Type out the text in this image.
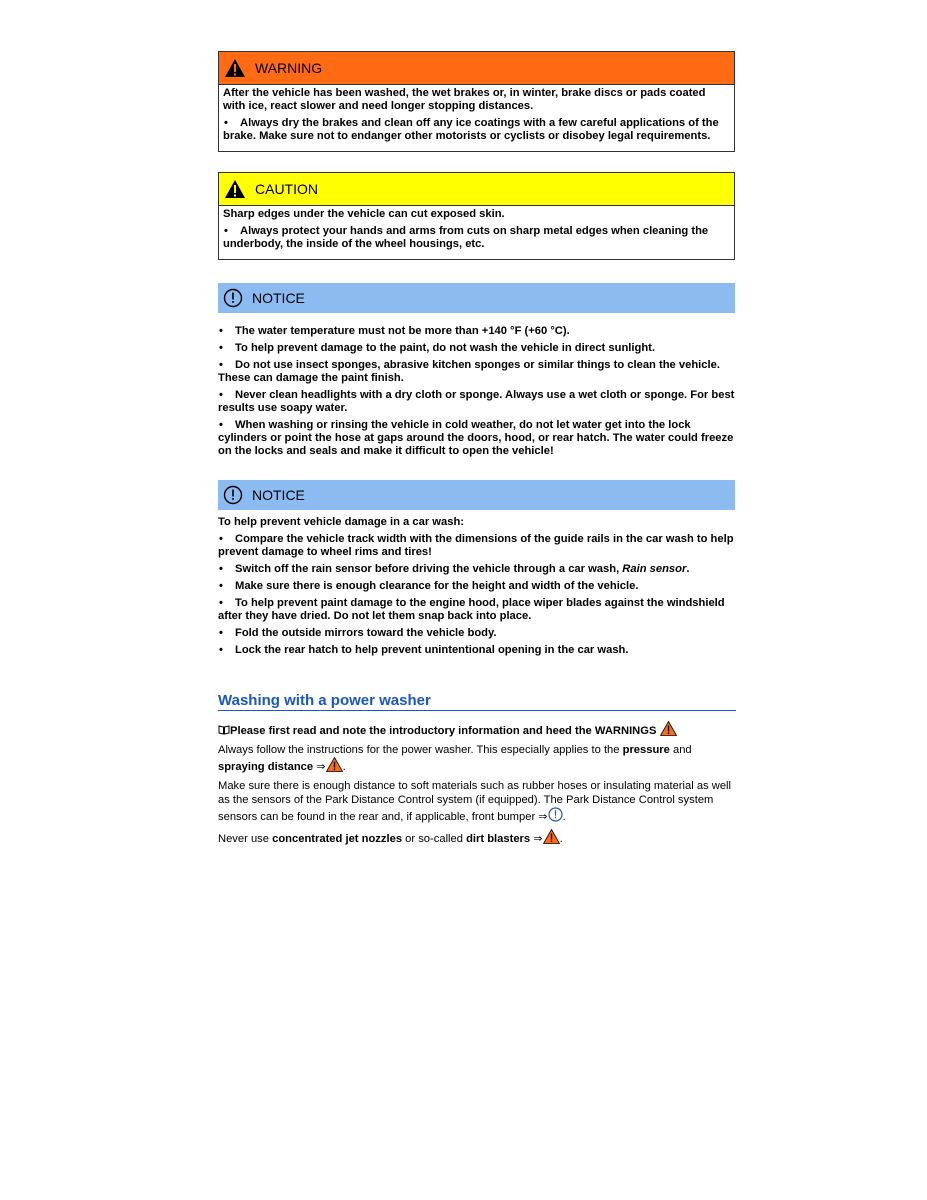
WARNING

After the vehicle has been washed, the wet brakes or, in winter, brake discs or pads coated with ice, react slower and need longer stopping distances.

• Always dry the brakes and clean off any ice coatings with a few careful applications of the brake. Make sure not to endanger other motorists or cyclists or disobey legal requirements.

CAUTION

Sharp edges under the vehicle can cut exposed skin.

• Always protect your hands and arms from cuts on sharp metal edges when cleaning the underbody, the inside of the wheel housings, etc.

NOTICE

• The water temperature must not be more than +140 °F (+60 °C).

• To help prevent damage to the paint, do not wash the vehicle in direct sunlight.

• Do not use insect sponges, abrasive kitchen sponges or similar things to clean the vehicle. These can damage the paint finish.

• Never clean headlights with a dry cloth or sponge. Always use a wet cloth or sponge. For best results use soapy water.

• When washing or rinsing the vehicle in cold weather, do not let water get into the lock cylinders or point the hose at gaps around the doors, hood, or rear hatch. The water could freeze on the locks and seals and make it difficult to open the vehicle!

NOTICE

To help prevent vehicle damage in a car wash:

• Compare the vehicle track width with the dimensions of the guide rails in the car wash to help prevent damage to wheel rims and tires!

• Switch off the rain sensor before driving the vehicle through a car wash, Rain sensor.

• Make sure there is enough clearance for the height and width of the vehicle.

• To help prevent paint damage to the engine hood, place wiper blades against the windshield after they have dried. Do not let them snap back into place.

• Fold the outside mirrors toward the vehicle body.

• Lock the rear hatch to help prevent unintentional opening in the car wash.

Washing with a power washer

Please first read and note the introductory information and heed the WARNINGS

Always follow the instructions for the power washer. This especially applies to the pressure and
spraying distance ⇒ .

Make sure there is enough distance to soft materials such as rubber hoses or insulating material as well as the sensors of the Park Distance Control system (if equipped). The Park Distance Control system sensors can be found in the rear and, if applicable, front bumper ⇒ .

Never use concentrated jet nozzles or so-called dirt blasters ⇒ .
